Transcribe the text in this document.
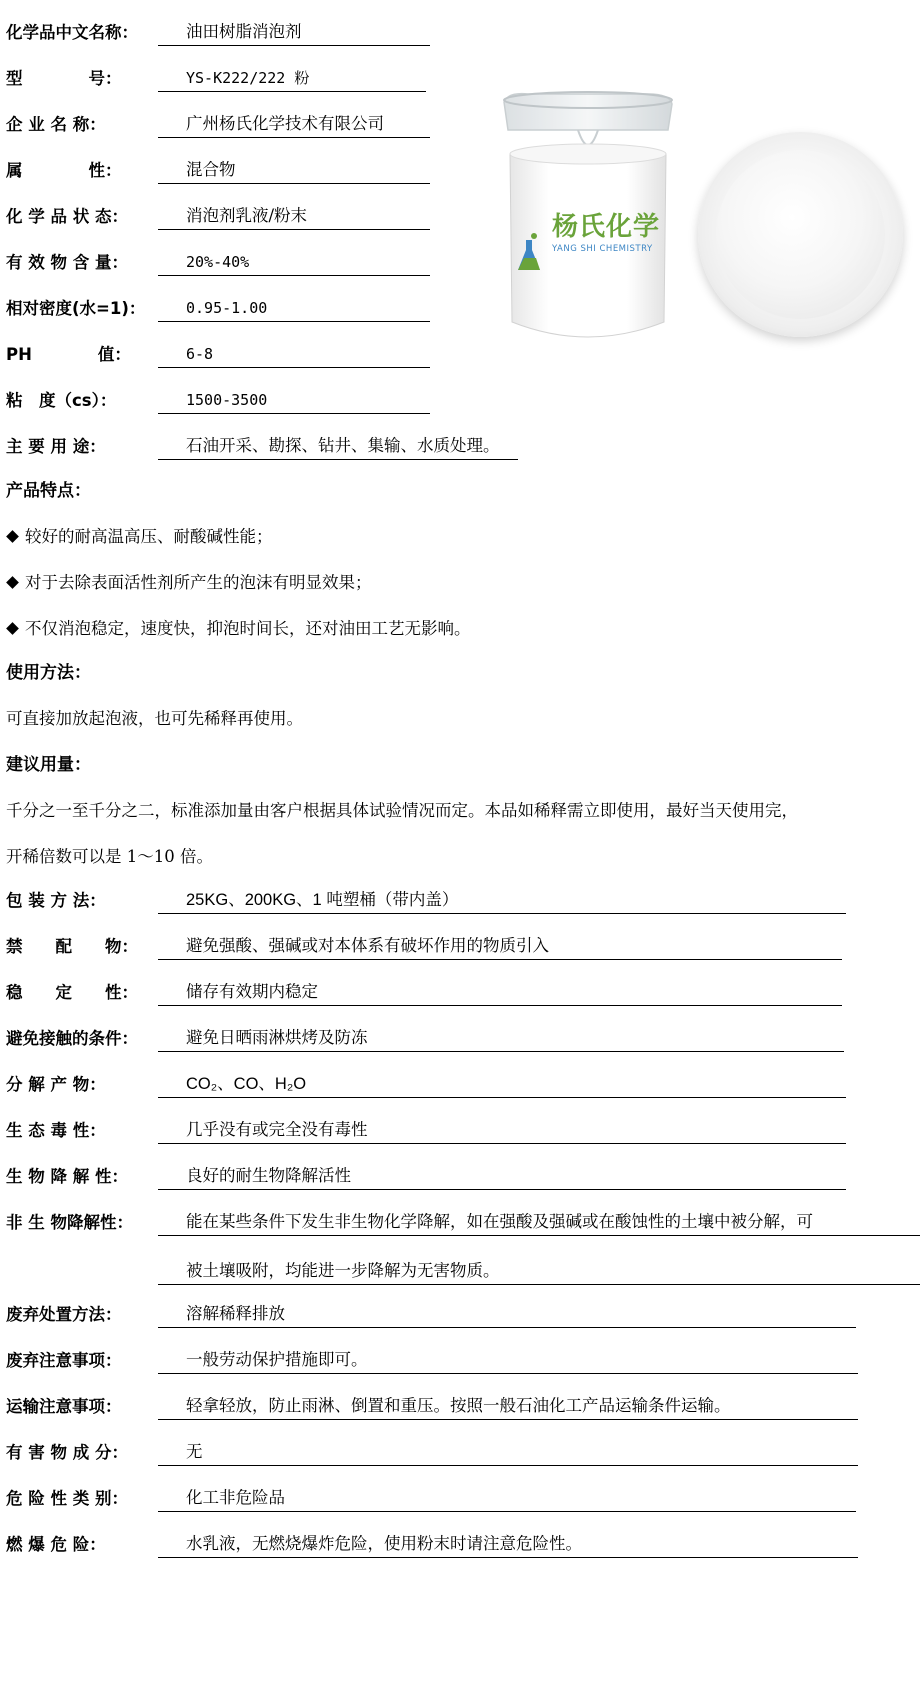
化学品中文名称：	油田树脂消泡剂
型　　　　号：	YS-K222/222 粉
企 业 名 称：	广州杨氏化学技术有限公司
属　　　　性：	混合物
化 学 品 状 态：	消泡剂乳液/粉末
有 效 物 含 量：	20%-40%
相对密度(水=1)：	0.95-1.00
PH　　　　值：	6-8
粘　度（cs）：	1500-3500
主 要 用 途：	石油开采、勘探、钻井、集输、水质处理。
杨氏化学
YANG SHI CHEMISTRY
产品特点：
较好的耐高温高压、耐酸碱性能；
对于去除表面活性剂所产生的泡沫有明显效果；
不仅消泡稳定，速度快，抑泡时间长，还对油田工艺无影响。
使用方法：
可直接加放起泡液，也可先稀释再使用。
建议用量：
千分之一至千分之二，标准添加量由客户根据具体试验情况而定。本品如稀释需立即使用，最好当天使用完，
开稀倍数可以是 1～10 倍。
包 装 方 法：	25KG、200KG、1 吨塑桶（带内盖）
禁　　配　　物：	避免强酸、强碱或对本体系有破坏作用的物质引入
稳　　定　　性：	储存有效期内稳定
避免接触的条件：	避免日晒雨淋烘烤及防冻
分 解 产 物：	CO₂、CO、H₂O
生 态 毒 性：	几乎没有或完全没有毒性
生 物 降 解 性：	良好的耐生物降解活性
非 生 物降解性：	能在某些条件下发生非生物化学降解，如在强酸及强碱或在酸蚀性的土壤中被分解，可
被土壤吸附，均能进一步降解为无害物质。
废弃处置方法：	溶解稀释排放
废弃注意事项：	一般劳动保护措施即可。
运输注意事项：	轻拿轻放，防止雨淋、倒置和重压。按照一般石油化工产品运输条件运输。
有 害 物 成 分：	无
危 险 性 类 别：	化工非危险品
燃 爆 危 险：	水乳液，无燃烧爆炸危险，使用粉末时请注意危险性。
